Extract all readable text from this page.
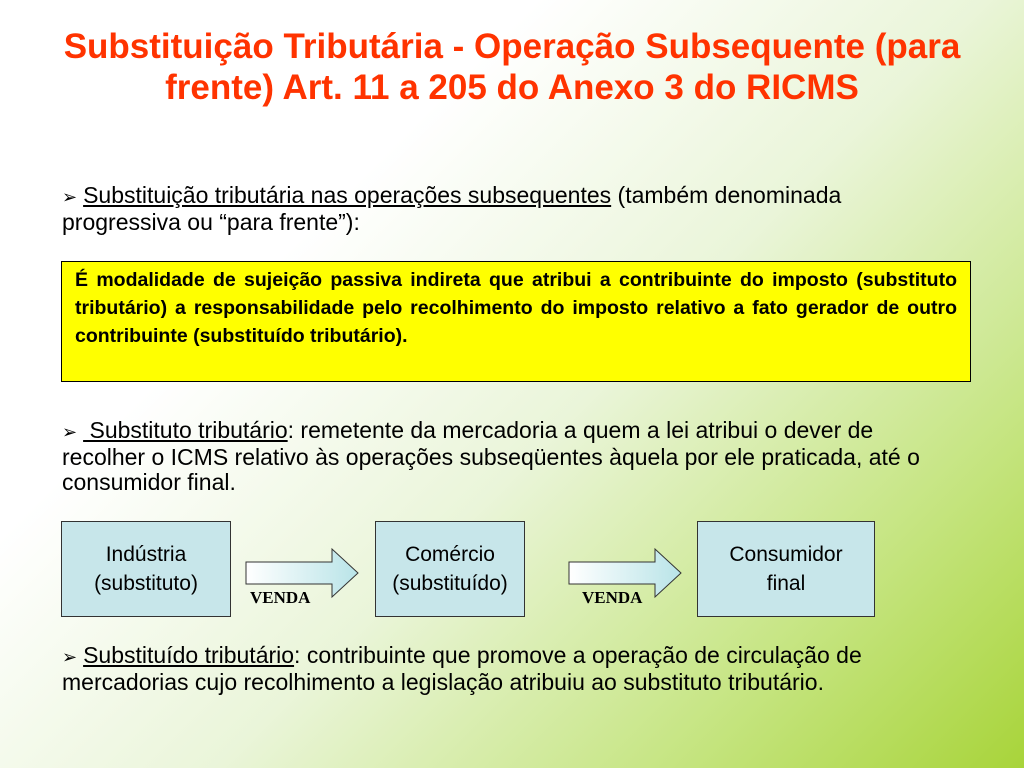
Substituição Tributária - Operação Subsequente (para frente) Art. 11 a 205 do Anexo 3 do RICMS
➢ Substituição tributária nas operações subsequentes (também denominada progressiva ou “para frente”):

É modalidade de sujeição passiva indireta que atribui a contribuinte do imposto (substituto tributário) a responsabilidade pelo recolhimento do imposto relativo a fato gerador de outro contribuinte (substituído tributário).

➢ Substituto tributário: remetente da mercadoria a quem a lei atribui o dever de recolher o ICMS relativo às operações subseqüentes àquela por ele praticada, até o consumidor final.
Indústria
(substituto)
VENDA
Comércio
(substituído)
VENDA
Consumidor
final
➢ Substituído tributário: contribuinte que promove a operação de circulação de mercadorias cujo recolhimento a legislação atribuiu ao substituto tributário.
